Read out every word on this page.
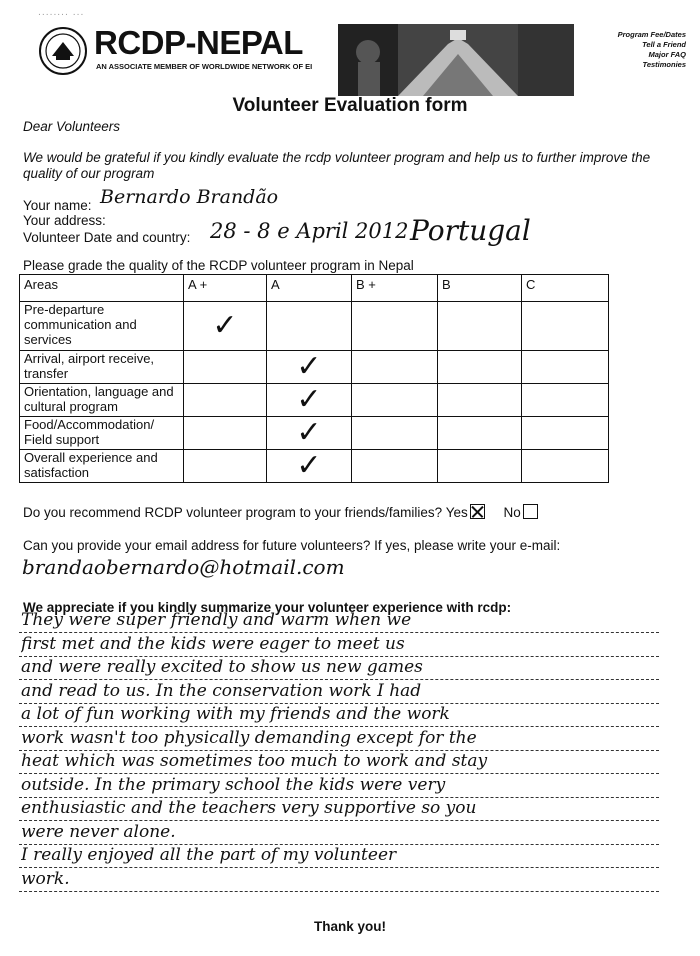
........ ...
RCDP-NEPAL
AN ASSOCIATE MEMBER OF WORLDWIDE NETWORK OF EI
Program Fee/Dates
Tell a Friend
Major FAQ
Testimonies
Volunteer Evaluation form
Dear Volunteers
We would be grateful if you kindly evaluate the rcdp volunteer program and help us to further improve the quality of our program
Your name: Bernardo Brandão
Your address:
Volunteer Date and country: 28 - 8 e April 2012 Portugal
Please grade the quality of the RCDP volunteer program in Nepal
Areas	A +	A	B +	B	C
Pre-departure communication and services	✓				

Arrival, airport receive, transfer		✓			

Orientation, language and cultural program		✓			

Food/Accommodation/ Field support		✓			

Overall experience and satisfaction		✓			

Do you recommend RCDP volunteer program to your friends/families? Yes	No
Can you provide your email address for future volunteers? If yes, please write your e-mail:
brandaobernardo@hotmail.com
We appreciate if you kindly summarize your volunteer experience with rcdp:
They were super friendly and warm when we
first met and the kids were eager to meet us
and were really excited to show us new games
and read to us. In the conservation work I had
a lot of fun working with my friends and the work
work wasn't too physically demanding except for the
heat which was sometimes too much to work and stay
outside. In the primary school the kids were very
enthusiastic and the teachers very supportive so you
were never alone.
I really enjoyed all the part of my volunteer
work.
Thank you!
